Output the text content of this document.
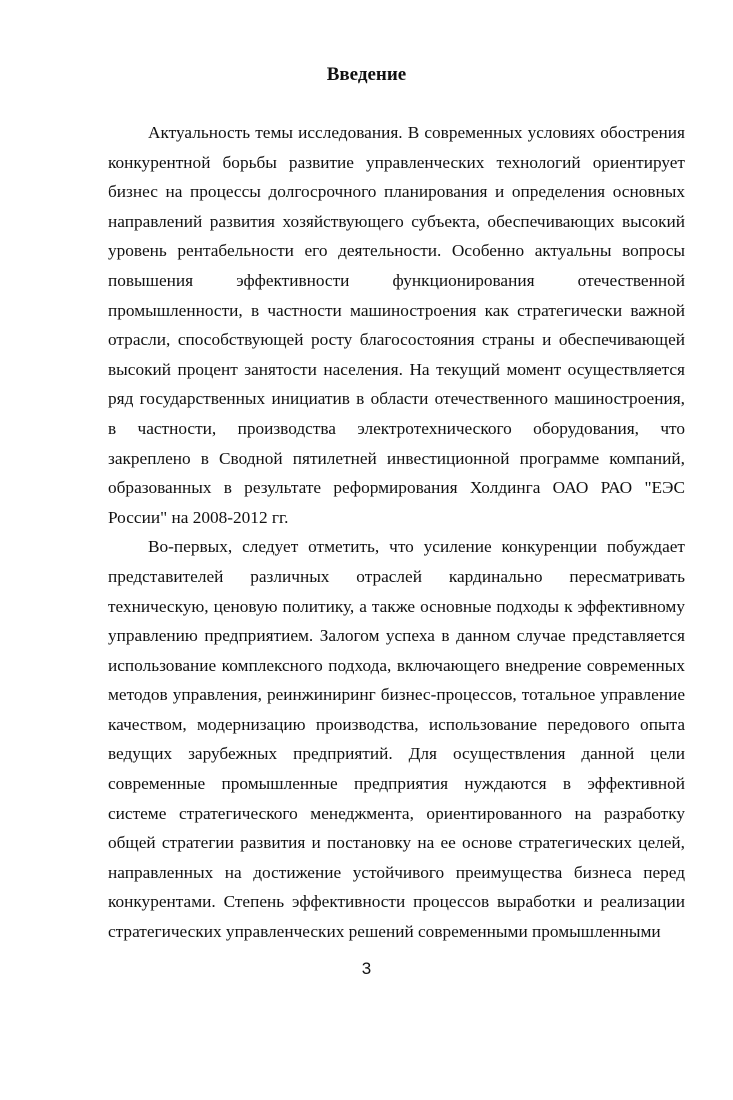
Введение

Актуальность темы исследования. В современных условиях обострения конкурентной борьбы развитие управленческих технологий ориентирует бизнес на процессы долгосрочного планирования и определения основных направлений развития хозяйствующего субъекта, обеспечивающих высокий уровень рентабельности его деятельности. Особенно актуальны вопросы повышения эффективности функционирования отечественной промышленности, в частности машиностроения как стратегически важной отрасли, способствующей росту благосостояния страны и обеспечивающей высокий процент занятости населения. На текущий момент осуществляется ряд государственных инициатив в области отечественного машиностроения, в частности, производства электротехнического оборудования, что закреплено в Сводной пятилетней инвестиционной программе компаний, образованных в результате реформирования Холдинга ОАО РАО "ЕЭС России" на 2008-2012 гг.

Во-первых, следует отметить, что усиление конкуренции побуждает представителей различных отраслей кардинально пересматривать техническую, ценовую политику, а также основные подходы к эффективному управлению предприятием. Залогом успеха в данном случае представляется использование комплексного подхода, включающего внедрение современных методов управления, реинжиниринг бизнес-процессов, тотальное управление качеством, модернизацию производства, использование передового опыта ведущих зарубежных предприятий. Для осуществления данной цели современные промышленные предприятия нуждаются в эффективной системе стратегического менеджмента, ориентированного на разработку общей стратегии развития и постановку на ее основе стратегических целей, направленных на достижение устойчивого преимущества бизнеса перед конкурентами. Степень эффективности процессов выработки и реализации стратегических управленческих решений современными промышленными

3
